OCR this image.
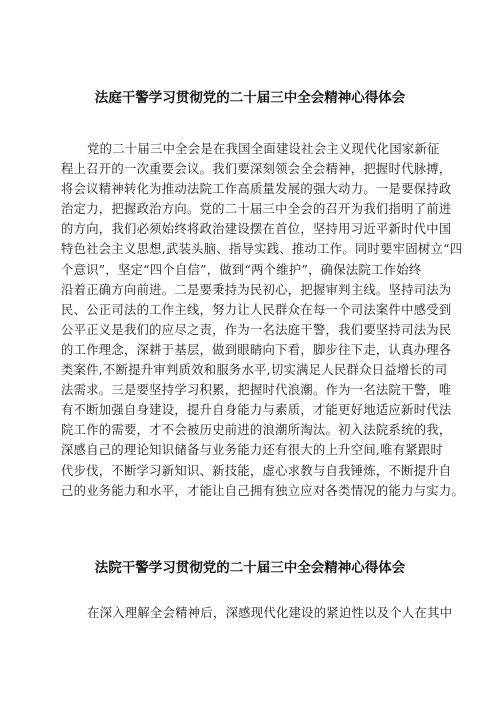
法庭干警学习贯彻党的二十届三中全会精神心得体会
党的二十届三中全会是在我国全面建设社会主义现代化国家新征
程上召开的一次重要会议。我们要深刻领会全会精神，把握时代脉搏，
将会议精神转化为推动法院工作高质量发展的强大动力。一是要保持政
治定力，把握政治方向。党的二十届三中全会的召开为我们指明了前进
的方向，我们必须始终将政治建设摆在首位，坚持用习近平新时代中国
特色社会主义思想,武装头脑、指导实践、推动工作。同时要牢固树立“四
个意识”，坚定“四个自信”，做到“两个维护”，确保法院工作始终
沿着正确方向前进。二是要秉持为民初心，把握审判主线。坚持司法为
民、公正司法的工作主线，努力让人民群众在每一个司法案件中感受到
公平正义是我们的应尽之责，作为一名法庭干警，我们要坚持司法为民
的工作理念，深耕于基层，做到眼睛向下看，脚步往下走，认真办理各
类案件,不断提升审判质效和服务水平,切实满足人民群众日益增长的司
法需求。三是要坚持学习积累，把握时代浪潮。作为一名法院干警，唯
有不断加强自身建设，提升自身能力与素质，才能更好地适应新时代法
院工作的需要，才不会被历史前进的浪潮所淘汰。初入法院系统的我，
深感自己的理论知识储备与业务能力还有很大的上升空间,唯有紧跟时
代步伐，不断学习新知识、新技能，虚心求教与自我锤炼，不断提升自
己的业务能力和水平，才能让自己拥有独立应对各类情况的能力与实力。
法院干警学习贯彻党的二十届三中全会精神心得体会
在深入理解全会精神后，深感现代化建设的紧迫性以及个人在其中
